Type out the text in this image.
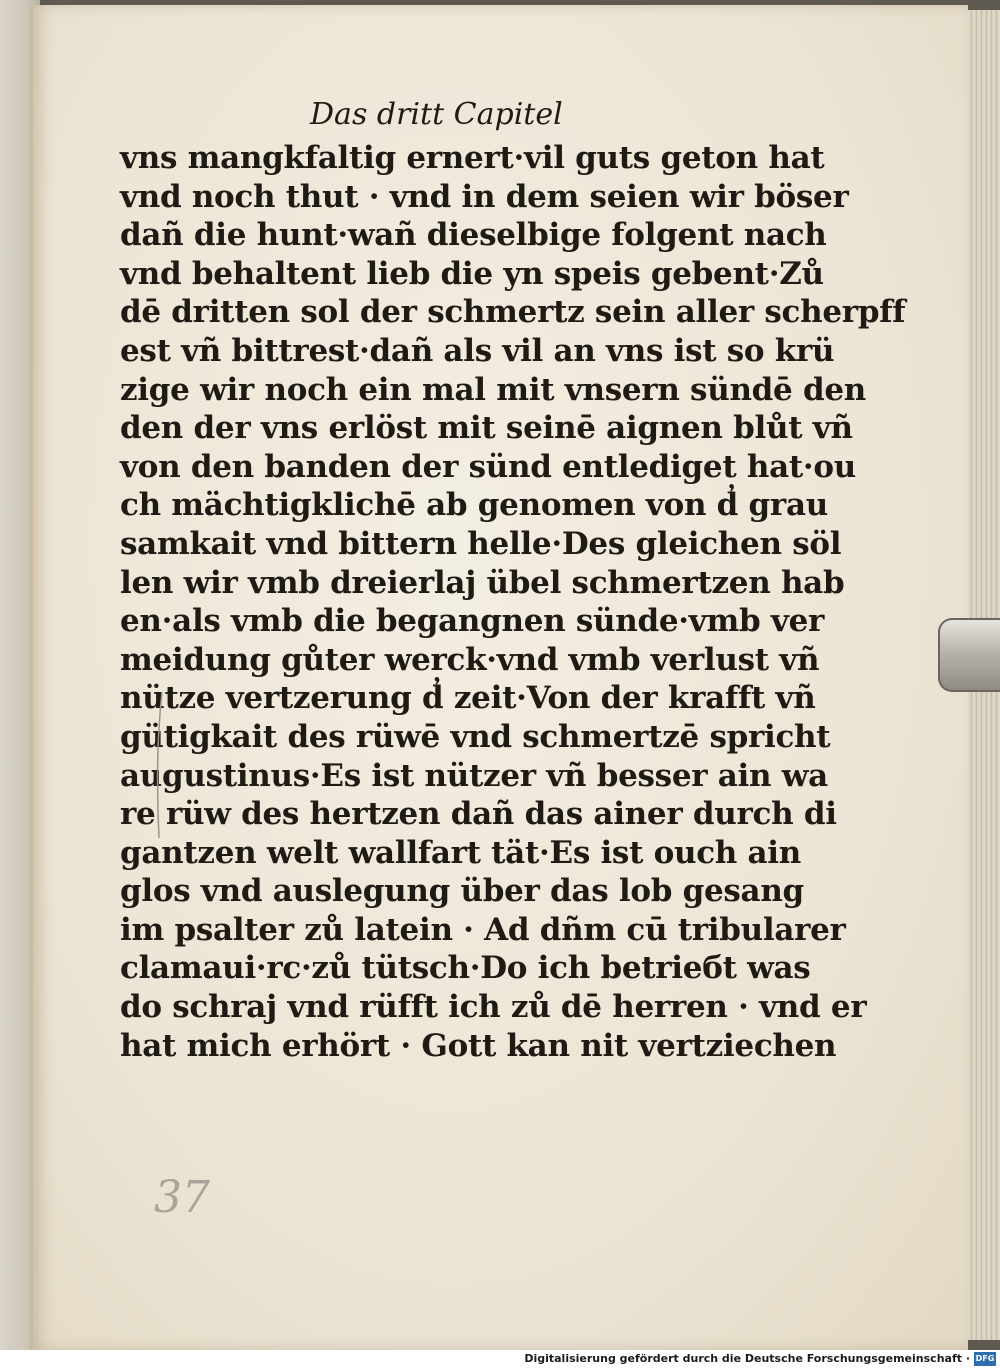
Das dritt Capitel
vns mangkfaltig ernert·vil guts geton hat
vnd noch thut · vnd in dem seien wir böser
dañ die hunt·wañ dieselbige folgent nach
vnd behaltent lieb die yn speis gebent·Zů
dē dritten sol der schmertz sein aller scherpff
est vñ bittrest·dañ als vil an vns ist so krü
zige wir noch ein mal mit vnsern sündē den
den der vns erlöst mit seinē aignen blůt vñ
von den banden der sünd entlediget hat·ou
ch mächtigklichē ab genomen von d̓ grau
samkait vnd bittern helle·Des gleichen söl
len wir vmb dreierlaj übel schmertzen hab
en·als vmb die begangnen sünde·vmb ver
meidung gůter werck·vnd vmb verlust vñ
nütze vertzerung d̓ zeit·Von der krafft vñ
gütigkait des rüwē vnd schmertzē spricht
augustinus·Es ist nützer vñ besser ain wa
re rüw des hertzen dañ das ainer durch di
gantzen welt wallfart tät·Es ist ouch ain
glos vnd auslegung über das lob gesang
im psalter zů latein · Ad dñm cū tribularer
clamaui·rc·zů tütsch·Do ich betrieбt was
do schraj vnd rüfft ich zů dē herren · vnd er
hat mich erhört · Gott kan nit vertziechen
37
Digitalisierung gefördert durch die Deutsche Forschungsgemeinschaft · DFG
